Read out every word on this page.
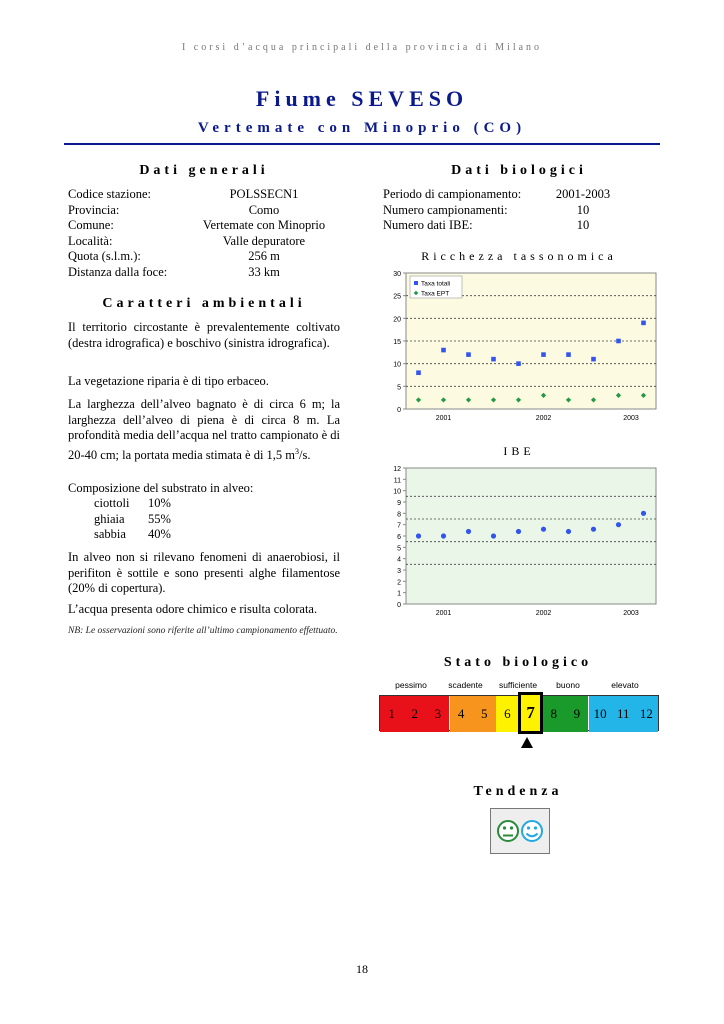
I corsi d’acqua principali della provincia di Milano
Fiume SEVESO
Vertemate con Minoprio (CO)
Dati generali
Codice stazione:	POLSSECN1
Provincia:	Como
Comune:	Vertemate con Minoprio
Località:	Valle depuratore
Quota (s.l.m.):	256 m
Distanza dalla foce:	33 km
Caratteri ambientali
Il territorio circostante è prevalentemente coltivato (destra idrografica) e boschivo (sinistra idrografica).
La vegetazione riparia è di tipo erbaceo.
La larghezza dell’alveo bagnato è di circa 6 m; la larghezza dell’alveo di piena è di circa 8 m. La profondità media dell’acqua nel tratto campionato è di 20-40 cm; la portata media stimata è di 1,5 $m^3/s$.
Composizione del substrato in alveo:
ciottoli	10%
ghiaia	55%
sabbia	40%
In alveo non si rilevano fenomeni di anaerobiosi, il perifiton è sottile e sono presenti alghe filamentose (20% di copertura).
L’acqua presenta odore chimico e risulta colorata.
NB: Le osservazioni sono riferite all’ultimo campionamento effettuato.
Dati biologici
Periodo di campionamento:	2001-2003
Numero campionamenti:	10
Numero dati IBE:	10
Ricchezza tassonomica
0
5
10
15
20
25
30
2001	2002	2003
Taxa totali
Taxa EPT
IBE
0
1
2
3
4
5
6
7
8
9
10
11
12
2001	2002	2003
Stato biologico
pessimo	scadente	sufficiente	buono	elevato
1	2	3	4	5	6 7	8	9	10 11 12
Tendenza
18
